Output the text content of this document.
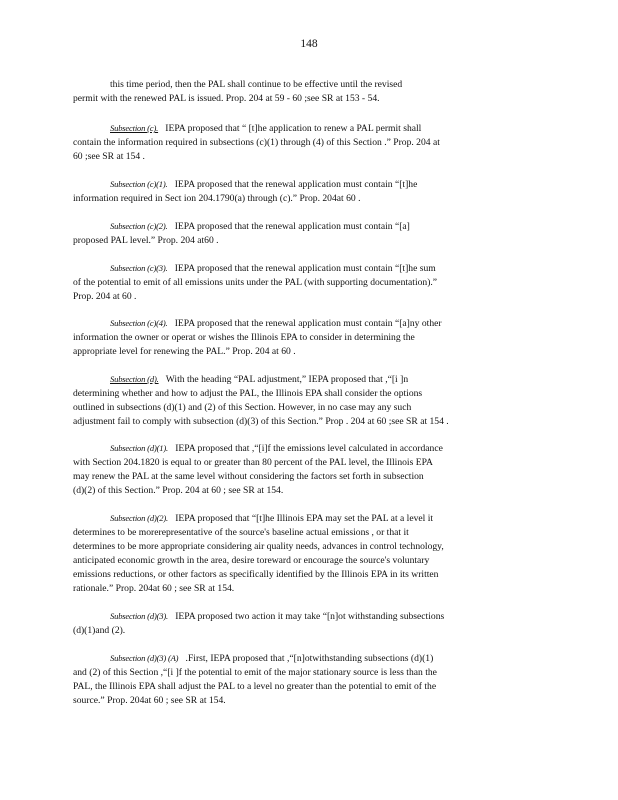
148
this time period, then the PAL shall continue to be effective until the revised
permit with the renewed PAL is issued. Prop. 204 at 59 - 60 ;see SR at 153 - 54.
Subsection (c). IEPA proposed that “ [t]he application to renew a PAL permit shall
contain the information required in subsections (c)(1) through (4) of this Section .” Prop. 204 at
60 ;see SR at 154 .
Subsection (c)(1). IEPA proposed that the renewal application must contain “[t]he
information required in Sect ion 204.1790(a) through (c).” Prop. 204at 60 .
Subsection (c)(2). IEPA proposed that the renewal application must contain “[a]
proposed PAL level.” Prop. 204 at60 .
Subsection (c)(3). IEPA proposed that the renewal application must contain “[t]he sum
of the potential to emit of all emissions units under the PAL (with supporting documentation).”
Prop. 204 at 60 .
Subsection (c)(4). IEPA proposed that the renewal application must contain “[a]ny other
information the owner or operat or wishes the Illinois EPA to consider in determining the
appropriate level for renewing the PAL.” Prop. 204 at 60 .
Subsection (d). With the heading “PAL adjustment,” IEPA proposed that ,“[i ]n
determining whether and how to adjust the PAL, the Illinois EPA shall consider the options
outlined in subsections (d)(1) and (2) of this Section. However, in no case may any such
adjustment fail to comply with subsection (d)(3) of this Section.” Prop . 204 at 60 ;see SR at 154 .
Subsection (d)(1). IEPA proposed that ,“[i]f the emissions level calculated in accordance
with Section 204.1820 is equal to or greater than 80 percent of the PAL level, the Illinois EPA
may renew the PAL at the same level without considering the factors set forth in subsection
(d)(2) of this Section.” Prop. 204 at 60 ; see SR at 154.
Subsection (d)(2). IEPA proposed that “[t]he Illinois EPA may set the PAL at a level it
determines to be morerepresentative of the source's baseline actual emissions , or that it
determines to be more appropriate considering air quality needs, advances in control technology,
anticipated economic growth in the area, desire toreward or encourage the source's voluntary
emissions reductions, or other factors as specifically identified by the Illinois EPA in its written
rationale.” Prop. 204at 60 ; see SR at 154.
Subsection (d)(3). IEPA proposed two action it may take “[n]ot withstanding subsections
(d)(1)and (2).
Subsection (d)(3) (A) .First, IEPA proposed that ,“[n]otwithstanding subsections (d)(1)
and (2) of this Section ,“[i ]f the potential to emit of the major stationary source is less than the
PAL, the Illinois EPA shall adjust the PAL to a level no greater than the potential to emit of the
source.” Prop. 204at 60 ; see SR at 154.
